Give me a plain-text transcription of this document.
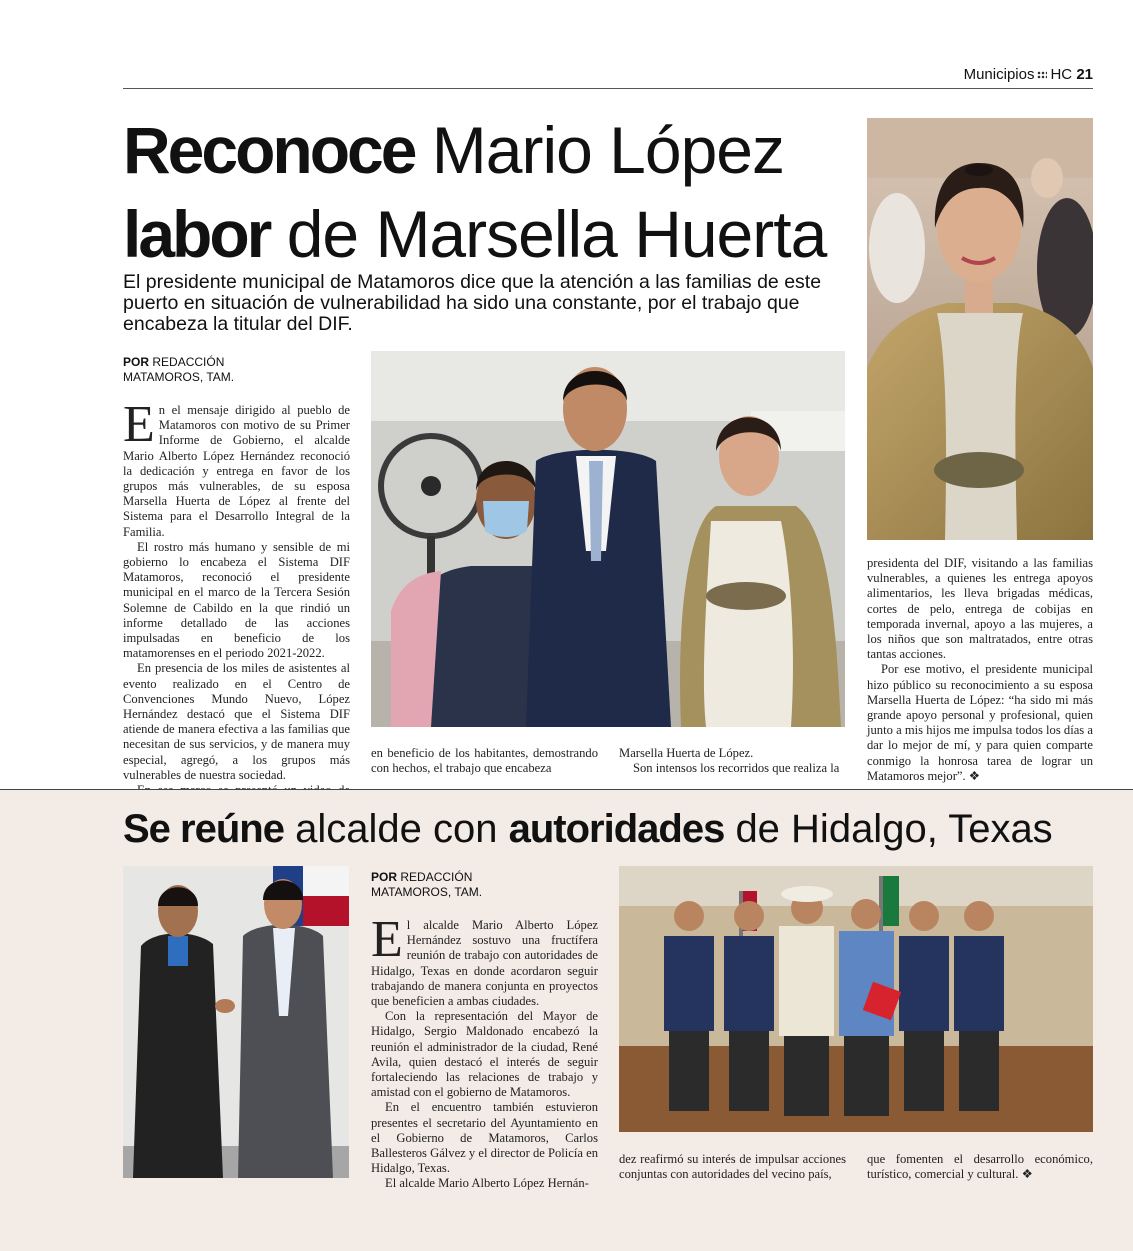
Municipios HC 21
Reconoce Mario López
labor de Marsella Huerta
El presidente municipal de Matamoros dice que la atención a las familias de este puerto en situación de vulnerabilidad ha sido una constante, por el trabajo que encabeza la titular del DIF.
POR REDACCIÓN
MATAMOROS, TAM.

En el mensaje dirigido al pueblo de Matamoros con motivo de su Primer Informe de Gobierno, el alcalde Mario Alberto López Hernández reconoció la dedicación y entrega en favor de los grupos más vulnerables, de su esposa Marsella Huerta de López al frente del Sistema para el Desarrollo Integral de la Familia.

El rostro más humano y sensible de mi gobierno lo encabeza el Sistema DIF Matamoros, reconoció el presidente municipal en el marco de la Tercera Sesión Solemne de Cabildo en la que rindió un informe detallado de las acciones impulsadas en beneficio de los matamorenses en el periodo 2021-2022.

En presencia de los miles de asistentes al evento realizado en el Centro de Convenciones Mundo Nuevo, López Hernández destacó que el Sistema DIF atiende de manera efectiva a las familias que necesitan de sus servicios, y de manera muy especial, agregó, a los grupos más vulnerables de nuestra sociedad.

en beneficio de los habitantes, demostrando con hechos, el trabajo que encabeza

Marsella Huerta de López.

Son intensos los recorridos que realiza la

presidenta del DIF, visitando a las familias vulnerables, a quienes les entrega apoyos alimentarios, les lleva brigadas médicas, cortes de pelo, entrega de cobijas en temporada invernal, apoyo a las mujeres, a los niños que son maltratados, entre otras tantas acciones.

Por ese motivo, el presidente municipal hizo público su reconocimiento a su esposa Marsella Huerta de López: “ha sido mi más grande apoyo personal y profesional, quien junto a mis hijos me impulsa todos los días a dar lo mejor de mí, y para quien comparte conmigo la honrosa tarea de lograr un Matamoros mejor”. ❖

Se reúne alcalde con autoridades de Hidalgo, Texas
POR REDACCIÓN
MATAMOROS, TAM.

El alcalde Mario Alberto López Hernández sostuvo una fructífera reunión de trabajo con autoridades de Hidalgo, Texas en donde acordaron seguir trabajando de manera conjunta en proyectos que beneficien a ambas ciudades.

Con la representación del Mayor de Hidalgo, Sergio Maldonado encabezó la reunión el administrador de la ciudad, René Avila, quien destacó el interés de seguir fortaleciendo las relaciones de trabajo y amistad con el gobierno de Matamoros.

En el encuentro también estuvieron presentes el secretario del Ayuntamiento en el Gobierno de Matamoros, Carlos Ballesteros Gálvez y el director de Policía en Hidalgo, Texas.

El alcalde Mario Alberto López Hernán-

dez reafirmó su interés de impulsar acciones conjuntas con autoridades del vecino país,

que fomenten el desarrollo económico, turístico, comercial y cultural. ❖
